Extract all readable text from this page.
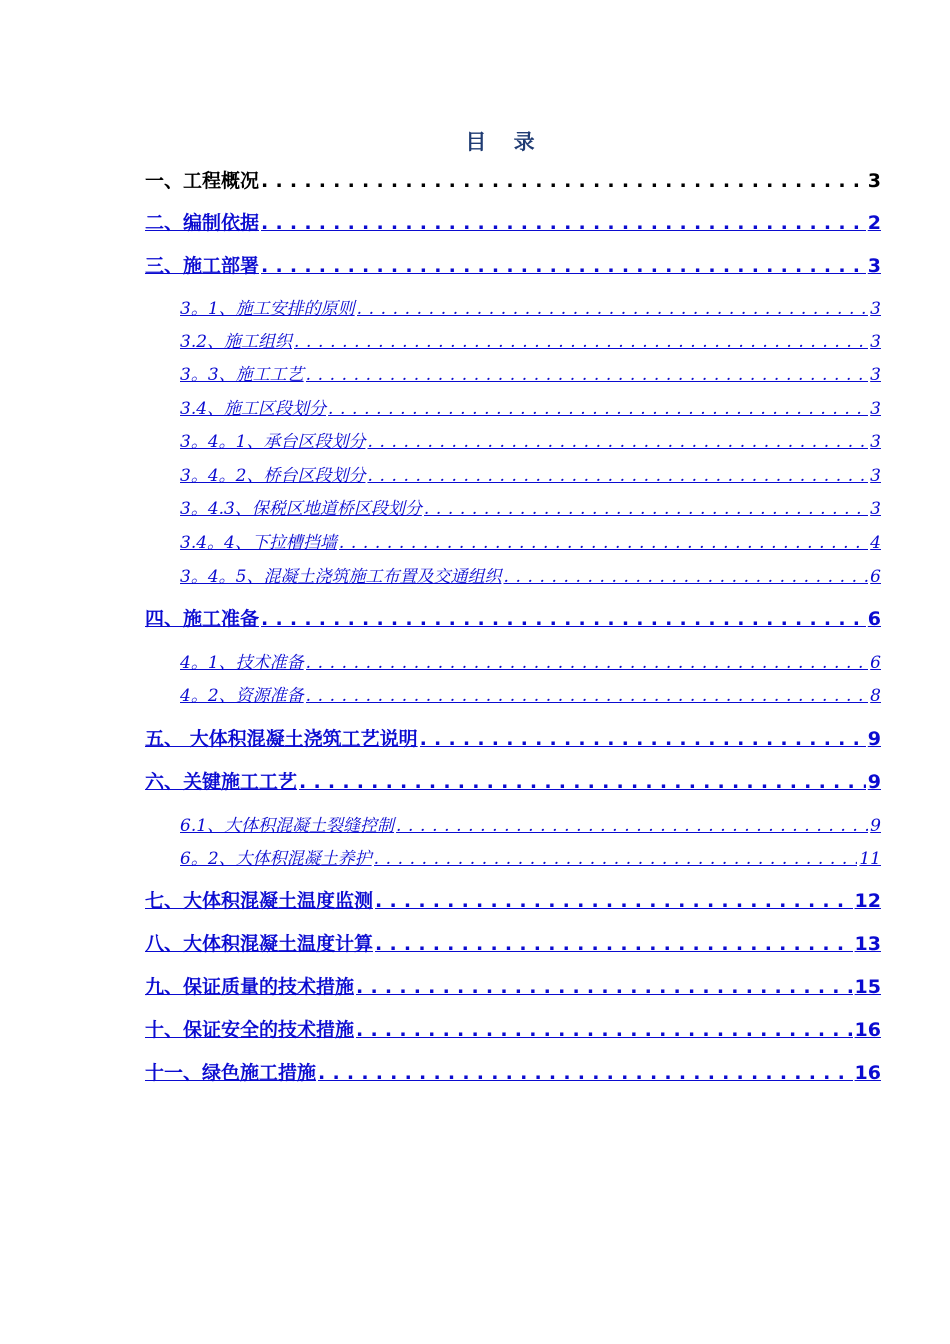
目 录
一、工程概况 . . .	3
二、编制依据 . . .	2
三、施工部署 . . .	3
3。1、施工安排的原则 . . .	3
3.2、施工组织 . . .	3
3。3、施工工艺 . . .	3
3.4、施工区段划分 . . .	3
3。4。1、承台区段划分 . . .	3
3。4。2、桥台区段划分 . . .	3
3。4.3、保税区地道桥区段划分 . . .	3
3.4。4、下拉槽挡墙 . . .	4
3。4。5、混凝土浇筑施工布置及交通组织 . . .	6
四、施工准备 . . .	6
4。1、技术准备 . . .	6
4。2、资源准备 . . .	8
五、 大体积混凝土浇筑工艺说明 . . .	9
六、关键施工工艺 . . .	9
6.1、大体积混凝土裂缝控制 . . .	9
6。2、大体积混凝土养护 . . .	11
七、大体积混凝土温度监测 . . .	12
八、大体积混凝土温度计算 . . .	13
九、保证质量的技术措施 . . .	15
十、保证安全的技术措施 . . .	16
十一、绿色施工措施 . . .	16
